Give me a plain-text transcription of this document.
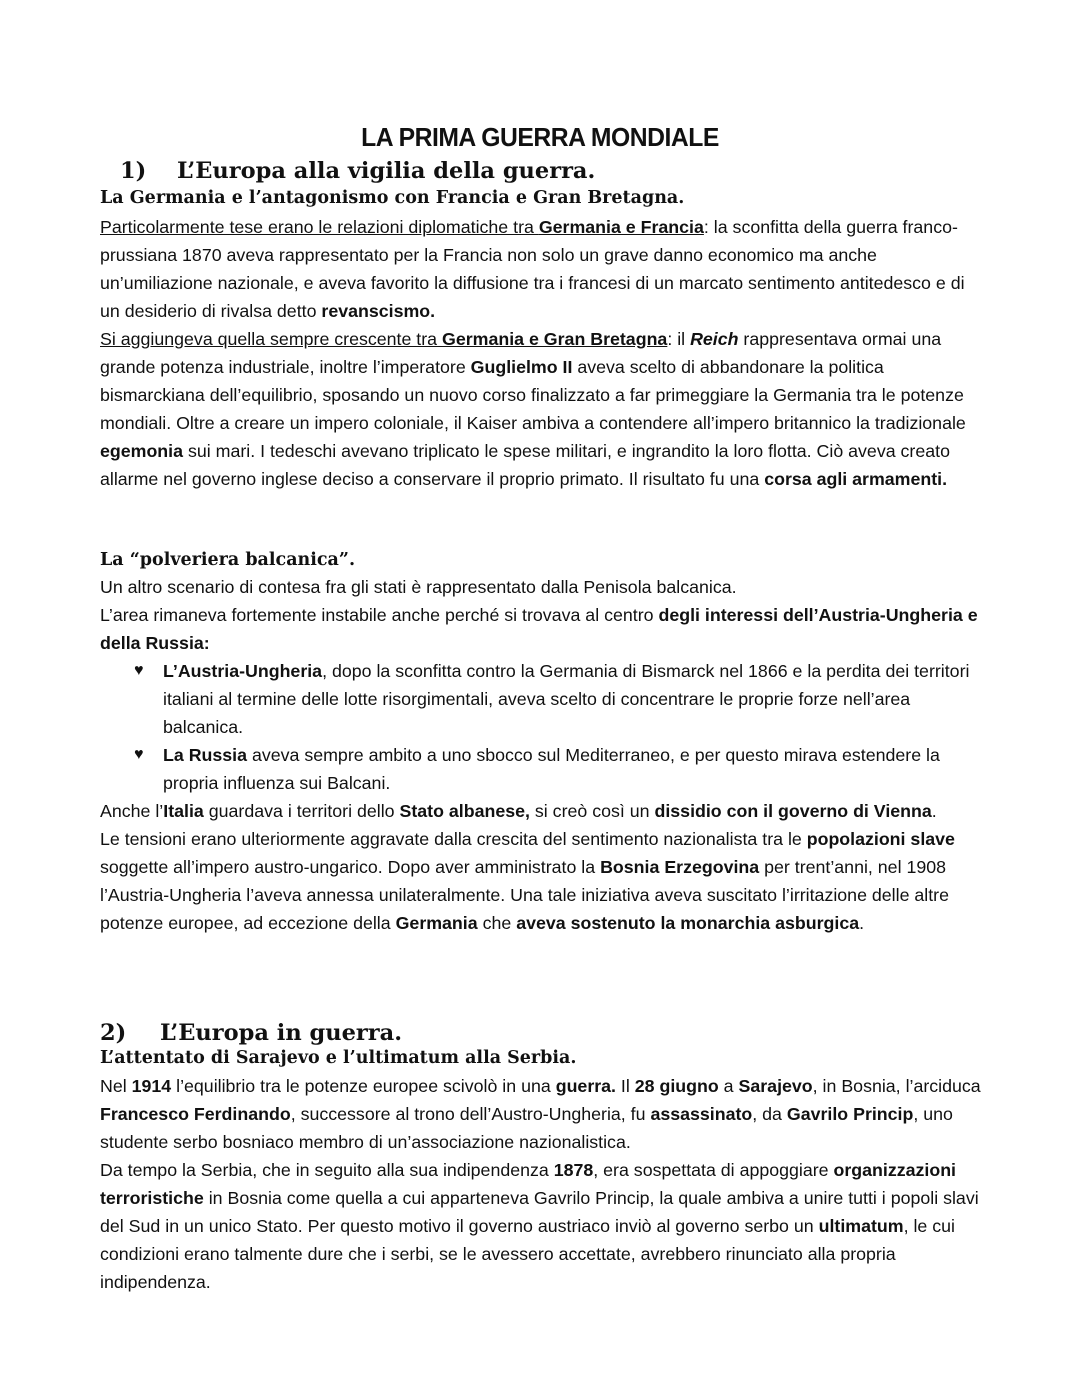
LA PRIMA GUERRA MONDIALE
1) L’Europa alla vigilia della guerra.
La Germania e l’antagonismo con Francia e Gran Bretagna.

Particolarmente tese erano le relazioni diplomatiche tra Germania e Francia: la sconfitta della guerra franco-prussiana 1870 aveva rappresentato per la Francia non solo un grave danno economico ma anche un’umiliazione nazionale, e aveva favorito la diffusione tra i francesi di un marcato sentimento antitedesco e di un desiderio di rivalsa detto revanscismo.

Si aggiungeva quella sempre crescente tra Germania e Gran Bretagna: il Reich rappresentava ormai una grande potenza industriale, inoltre l’imperatore Guglielmo II aveva scelto di abbandonare la politica bismarckiana dell’equilibrio, sposando un nuovo corso finalizzato a far primeggiare la Germania tra le potenze mondiali. Oltre a creare un impero coloniale, il Kaiser ambiva a contendere all’impero britannico la tradizionale egemonia sui mari. I tedeschi avevano triplicato le spese militari, e ingrandito la loro flotta. Ciò aveva creato allarme nel governo inglese deciso a conservare il proprio primato. Il risultato fu una corsa agli armamenti.

La “polveriera balcanica”.

Un altro scenario di contesa fra gli stati è rappresentato dalla Penisola balcanica.

L’area rimaneva fortemente instabile anche perché si trovava al centro degli interessi dell’Austria-Ungheria e della Russia:

♥ L’Austria-Ungheria, dopo la sconfitta contro la Germania di Bismarck nel 1866 e la perdita dei territori italiani al termine delle lotte risorgimentali, aveva scelto di concentrare le proprie forze nell’area balcanica.
♥ La Russia aveva sempre ambito a uno sbocco sul Mediterraneo, e per questo mirava estendere la propria influenza sui Balcani.

Anche l’Italia guardava i territori dello Stato albanese, si creò così un dissidio con il governo di Vienna.

Le tensioni erano ulteriormente aggravate dalla crescita del sentimento nazionalista tra le popolazioni slave soggette all’impero austro-ungarico. Dopo aver amministrato la Bosnia Erzegovina per trent’anni, nel 1908 l’Austria-Ungheria l’aveva annessa unilateralmente. Una tale iniziativa aveva suscitato l’irritazione delle altre potenze europee, ad eccezione della Germania che aveva sostenuto la monarchia asburgica.

2) L’Europa in guerra.
L’attentato di Sarajevo e l’ultimatum alla Serbia.

Nel 1914 l’equilibrio tra le potenze europee scivolò in una guerra. Il 28 giugno a Sarajevo, in Bosnia, l’arciduca Francesco Ferdinando, successore al trono dell’Austro-Ungheria, fu assassinato, da Gavrilo Princip, uno studente serbo bosniaco membro di un’associazione nazionalistica.

Da tempo la Serbia, che in seguito alla sua indipendenza 1878, era sospettata di appoggiare organizzazioni terroristiche in Bosnia come quella a cui apparteneva Gavrilo Princip, la quale ambiva a unire tutti i popoli slavi del Sud in un unico Stato. Per questo motivo il governo austriaco inviò al governo serbo un ultimatum, le cui condizioni erano talmente dure che i serbi, se le avessero accettate, avrebbero rinunciato alla propria indipendenza.
